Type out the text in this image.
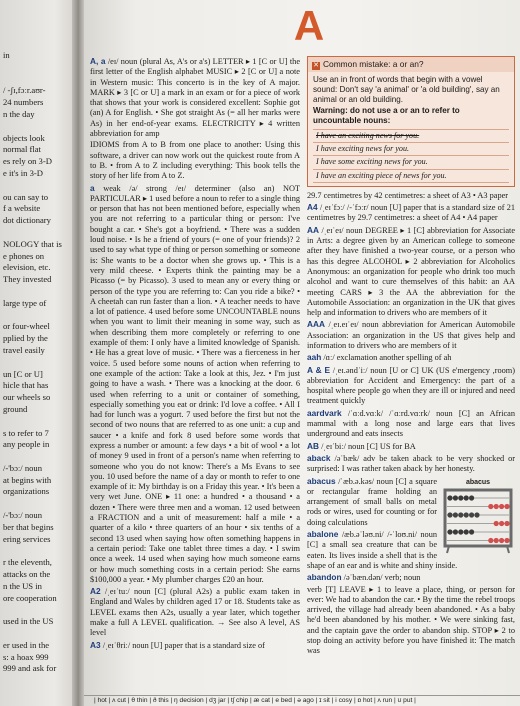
in
/ -ʃɪ,fɔːr.aʊr-
24 numbers
n the day
objects look
normal flat
es rely on 3-D
e it's in 3-D
ou can say to
f a website
dot dictionary
NOLOGY that is
e phones on
elevision, etc.
They invested
large type of
or four-wheel
pplied by the
travel easily
un [C or U]
hicle that has
our wheels so
ground
s to refer to 7
any people in
/-'bɔː/ noun
at begins with
organizations
/-'bɔː/ noun
ber that begins
ering services
r the eleventh,
attacks on the
n the US in
ore cooperation
used in the US
er used in the
s: a hoax 999
999 and ask for
A
A, a /eɪ/ noun (plural As, A's or a's) LETTER ▸ 1 [C or U] the first letter of the English alphabet MUSIC ▸ 2 [C or U] a note in Western music: This concerto is in the key of A major. MARK ▸ 3 [C or U] a mark in an exam or for a piece of work that shows that your work is considered excellent: Sophie got (an) A for English. • She got straight As (= all her marks were As) in her end-of-year exams. ELECTRICITY ▸ 4 written abbreviation for amp
IDIOMS from A to B from one place to another: Using this software, a driver can now work out the quickest route from A to B. • from A to Z including everything: This book tells the story of her life from A to Z.
a weak /ə/ strong /eɪ/ determiner (also an) NOT PARTICULAR ▸ 1 used before a noun to refer to a single thing or person that has not been mentioned before, especially when you are not referring to a particular thing or person: I've bought a car. • She's got a boyfriend. • There was a sudden loud noise. • Is he a friend of yours (= one of your friends)? 2 used to say what type of thing or person something or someone is: She wants to be a doctor when she grows up. • This is a very mild cheese. • Experts think the painting may be a Picasso (= by Picasso). 3 used to mean any or every thing or person of the type you are referring to: Can you ride a bike? • A cheetah can run faster than a lion. • A teacher needs to have a lot of patience. 4 used before some UNCOUNTABLE nouns when you want to limit their meaning in some way, such as when describing them more completely or referring to one example of them: I only have a limited knowledge of Spanish. • He has a great love of music. • There was a fierceness in her voice. 5 used before some nouns of action when referring to one example of the action: Take a look at this, Jez. • I'm just going to have a wash. • There was a knocking at the door. 6 used when referring to a unit or container of something, especially something you eat or drink: I'd love a coffee. • All I had for lunch was a yogurt. 7 used before the first but not the second of two nouns that are referred to as one unit: a cup and saucer • a knife and fork 8 used before some words that express a number or amount: a few days • a bit of wool • a lot of money 9 used in front of a person's name when referring to someone who you do not know: There's a Ms Evans to see you. 10 used before the name of a day or month to refer to one example of it: My birthday is on a Friday this year. • It's been a very wet June. ONE ▸ 11 one: a hundred • a thousand • a dozen • There were three men and a woman. 12 used between a FRACTION and a unit of measurement: half a mile • a quarter of a kilo • three quarters of an hour • six tenths of a second 13 used when saying how often something happens in a certain period: Take one tablet three times a day. • I swim once a week. 14 used when saying how much someone earns or how much something costs in a certain period: She earns $100,000 a year. • My plumber charges £20 an hour.
A2 /ˌeɪˈtuː/ noun [C] (plural A2s) a public exam taken in England and Wales by children aged 17 or 18. Students take as LEVEL exams then A2s, usually a year later, which together make a full A LEVEL qualification. → See also A level, AS level
A3 /ˌeɪˈθriː/ noun [U] paper that is a standard size of
✕ Common mistake: a or an?
Use an in front of words that begin with a vowel sound: Don't say 'a animal' or 'a old building', say an animal or an old building.
Warning: do not use a or an to refer to uncountable nouns:
I have an exciting news for you.
I have exciting news for you.
I have some exciting news for you.
I have an exciting piece of news for you.
29.7 centimetres by 42 centimetres: a sheet of A3 • A3 paper
A4 /ˌeɪˈfɔː/ /-ˈfɔːr/ noun [U] paper that is a standard size of 21 centimetres by 29.7 centimetres: a sheet of A4 • A4 paper
AA /ˌeɪˈeɪ/ noun DEGREE ▸ 1 [C] abbreviation for Associate in Arts: a degree given by an American college to someone after they have finished a two-year course, or a person who has this degree ALCOHOL ▸ 2 abbreviation for Alcoholics Anonymous: an organization for people who drink too much alcohol and want to cure themselves of this habit: an AA meeting CARS ▸ 3 the AA the abbreviation for the Automobile Association: an organization in the UK that gives help and information to drivers who are members of it
AAA /ˌeɪ.eɪˈeɪ/ noun abbreviation for American Automobile Association: an organization in the US that gives help and information to drivers who are members of it
aah /ɑː/ exclamation another spelling of ah
A & E /ˌeɪ.əndˈiː/ noun [U or C] UK (US e'mergency ,room) abbreviation for Accident and Emergency: the part of a hospital where people go when they are ill or injured and need treatment quickly
aardvark /ˈɑːd.vɑːk/ /ˈɑːrd.vɑːrk/ noun [C] an African mammal with a long nose and large ears that lives underground and eats insects
AB /ˌeɪˈbiː/ noun [C] US for BA
aback /əˈbæk/ adv be taken aback to be very shocked or surprised: I was rather taken aback by her honesty.
abacus
abacus /ˈæb.ə.kəs/ noun [C] a square or rectangular frame holding an arrangement of small balls on metal rods or wires, used for counting or for doing calculations
abalone /æb.əˈləʊ.ni/ /-ˈloʊ.ni/ noun [C] a small sea creature that can be eaten. Its lives inside a shell that is the shape of an ear and is white and shiny inside.
abandon /əˈbæn.dən/ verb; noun
verb [T] LEAVE ▸ 1 to leave a place, thing, or person for ever: We had to abandon the car. • By the time the rebel troops arrived, the village had already been abandoned. • As a baby he'd been abandoned by his mother. • We were sinking fast, and the captain gave the order to abandon ship. STOP ▸ 2 to stop doing an activity before you have finished it: The match was
| hot | ʌ cut | θ thin | ð this | ŋ decision | dʒ jar | tʃ chip | æ cat | e bed | ə ago | ɪ sit | i cosy | ɒ hot | ʌ run | ʊ put |
